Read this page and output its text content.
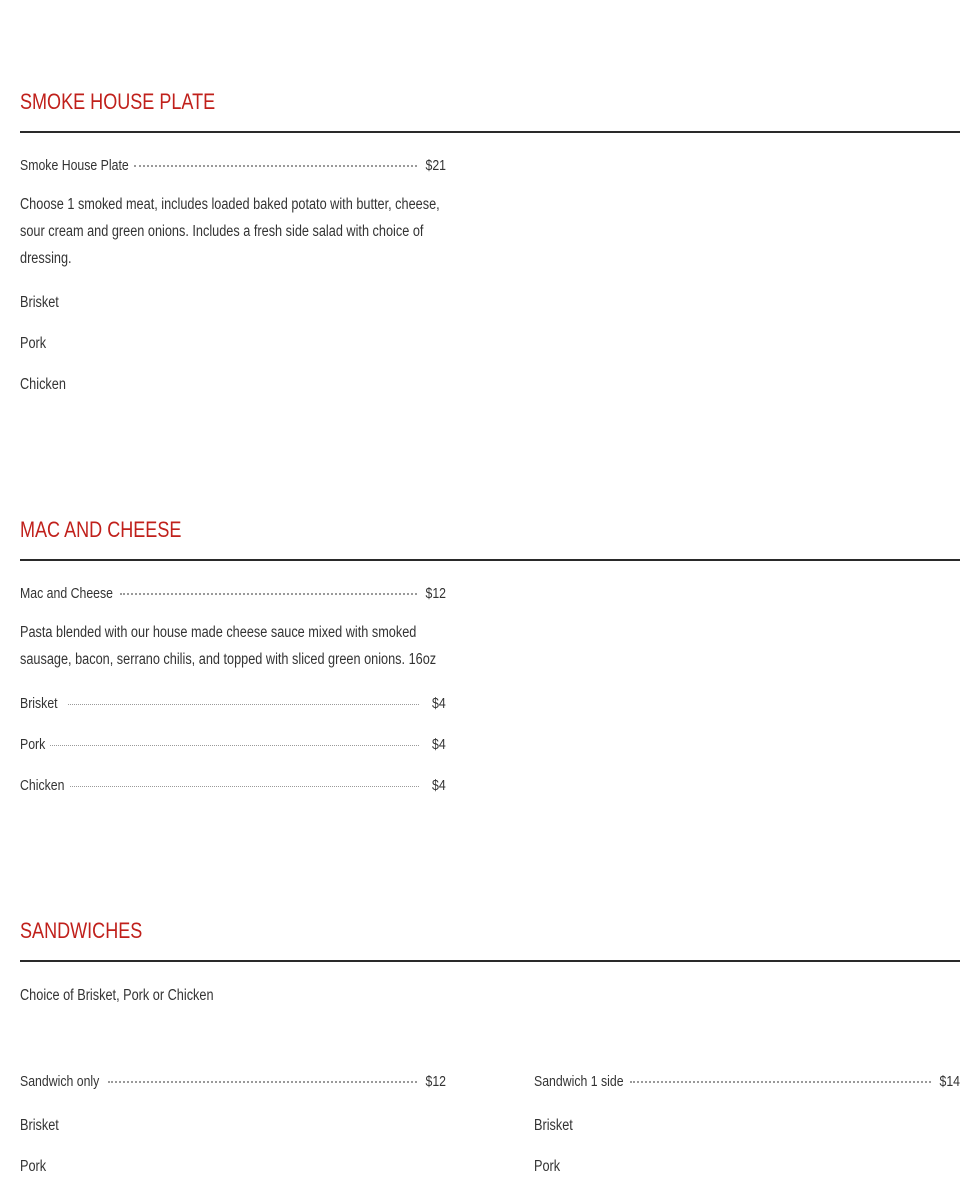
SMOKE HOUSE PLATE
Smoke House Plate	$21
Choose 1 smoked meat, includes loaded baked potato with butter, cheese, sour cream and green onions. Includes a fresh side salad with choice of dressing.
Brisket
Pork
Chicken
MAC AND CHEESE
Mac and Cheese	$12
Pasta blended with our house made cheese sauce mixed with smoked sausage, bacon, serrano chilis, and topped with sliced green onions. 16oz
Brisket	$4
Pork	$4
Chicken	$4
SANDWICHES
Choice of Brisket, Pork or Chicken
Sandwich only	$12
Brisket
Pork
Sandwich 1 side	$14
Brisket
Pork
